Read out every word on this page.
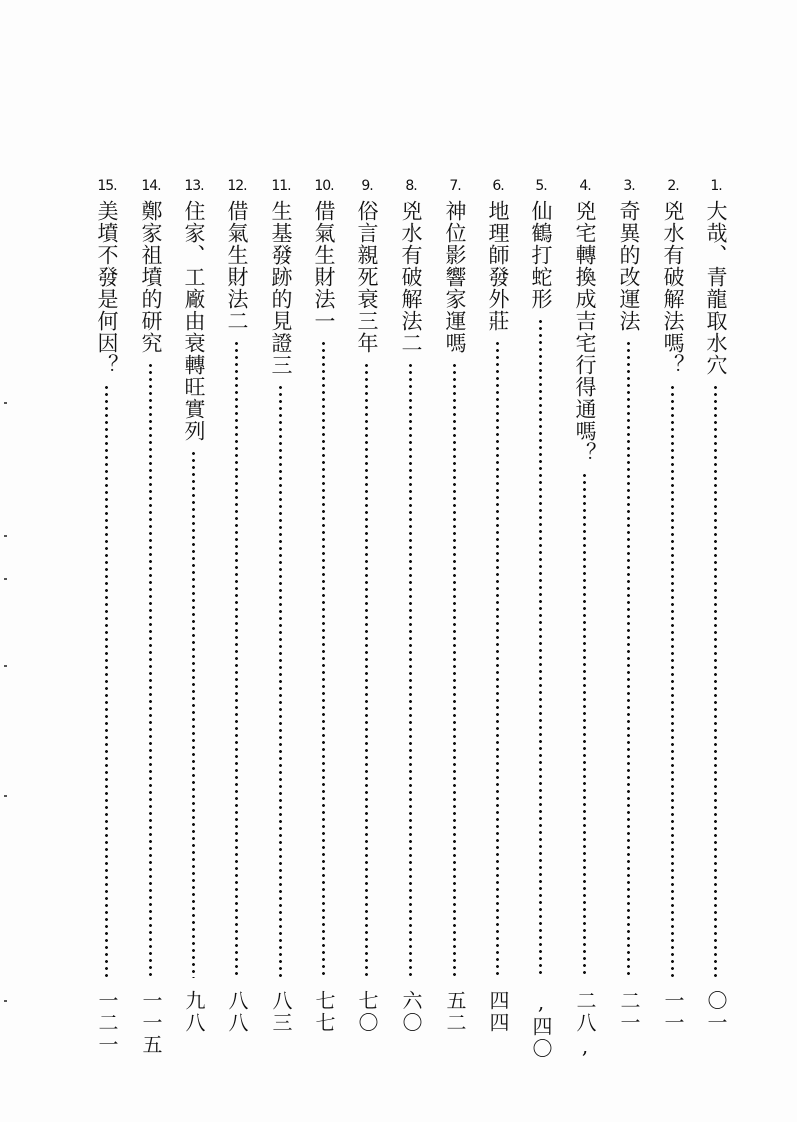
1.
大哉、青龍取水穴
〇一
2.
兇水有破解法嗎？
一一
3.
奇異的改運法
二一
4.
兇宅轉換成吉宅行得通嗎？
二八,
5.
仙鶴打蛇形
,四〇
6.
地理師發外莊
四四
7.
神位影響家運嗎
五二
8.
兇水有破解法二
六〇
9.
俗言親死衰三年
七〇
10.
借氣生財法一
七七
11.
生基發跡的見證三
八三
12.
借氣生財法二
八八
13.
住家、工廠由衰轉旺實列
九八
14.
鄭家祖墳的研究
一一五
15.
美墳不發是何因？
一二一
